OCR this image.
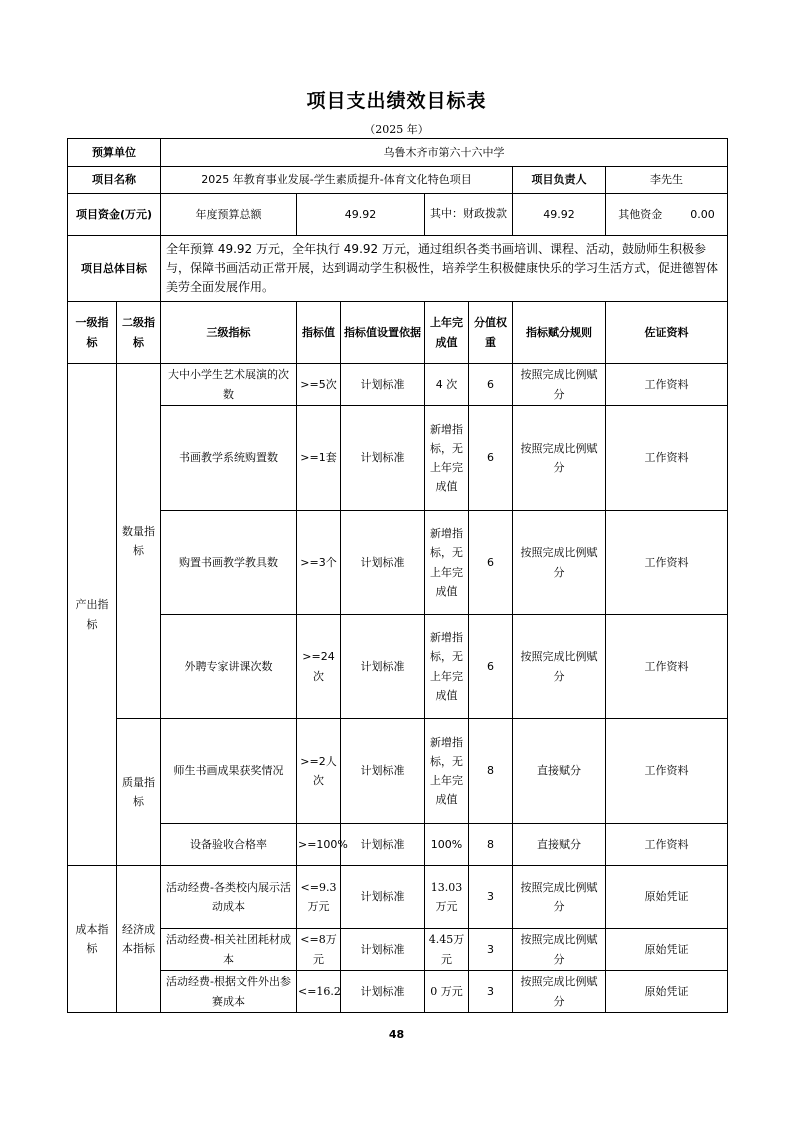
项目支出绩效目标表
（2025 年）
预算单位		乌鲁木齐市第六十六中学						
项目名称		2025 年教育事业发展-学生素质提升-体育文化特色项目					项目负责人	李先生
项目资金(万元)		年度预算总额	49.92		其中：财政拨款		49.92	其他资金 0.00
项目总体目标		全年预算 49.92 万元，全年执行 49.92 万元，通过组织各类书画培训、课程、活动，鼓励师生积极参与，保障书画活动正常开展，达到调动学生积极性，培养学生积极健康快乐的学习生活方式，促进德智体美劳全面发展作用。						
一级指标	二级指标	三级指标	指标值	指标值设置依据	上年完成值	分值权重	指标赋分规则	佐证资料
产出指标	数量指标	大中小学生艺术展演的次数	>=5次	计划标准	4 次	6	按照完成比例赋分	工作资料
		书画教学系统购置数	>=1套	计划标准	新增指标，无上年完成值	6	按照完成比例赋分	工作资料
		购置书画教学教具数	>=3个	计划标准	新增指标，无上年完成值	6	按照完成比例赋分	工作资料
		外聘专家讲课次数	>=24次	计划标准	新增指标，无上年完成值	6	按照完成比例赋分	工作资料
	质量指标	师生书画成果获奖情况	>=2人次	计划标准	新增指标，无上年完成值	8	直接赋分	工作资料
		设备验收合格率	>=100%	计划标准	100%	8	直接赋分	工作资料
成本指标	经济成本指标	活动经费-各类校内展示活动成本	<=9.3万元	计划标准	13.03万元	3	按照完成比例赋分	原始凭证
		活动经费-相关社团耗材成本	<=8万元	计划标准	4.45万元	3	按照完成比例赋分	原始凭证
		活动经费-根据文件外出参赛成本	<=16.2	计划标准	0 万元	3	按照完成比例赋分	原始凭证
48
